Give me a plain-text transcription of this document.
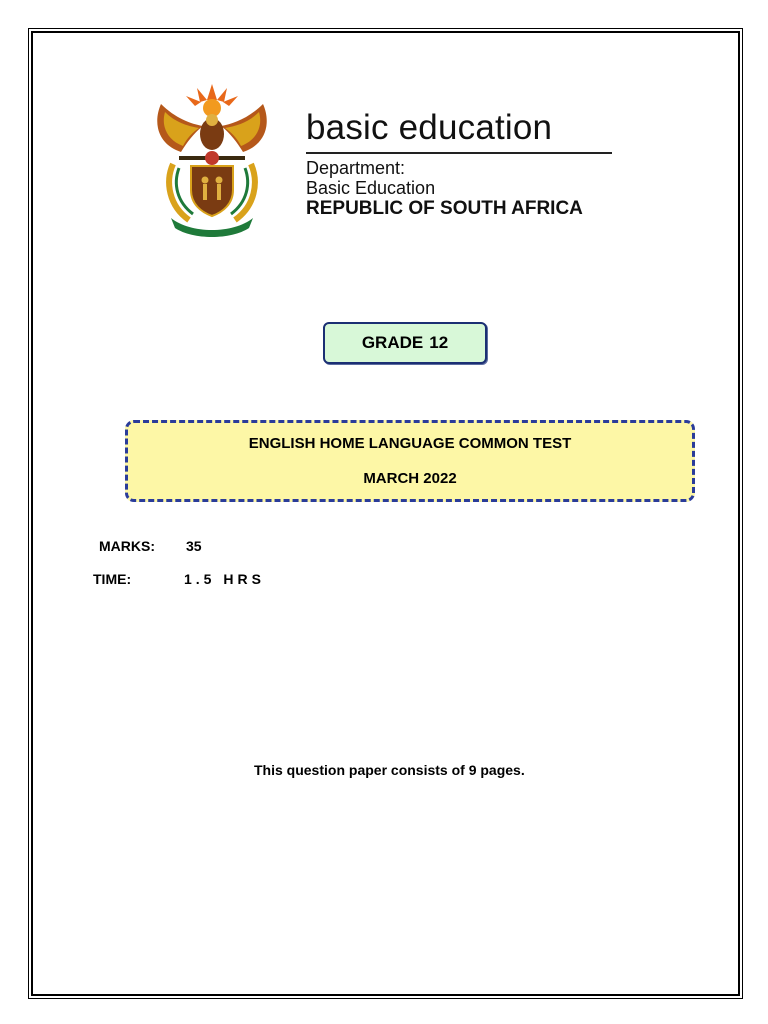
basic education
Department:
Basic Education
REPUBLIC OF SOUTH AFRICA
GRADE 12
ENGLISH HOME LANGUAGE COMMON TEST
MARCH 2022
MARKS: 35
TIME:	1.5 HRS
This question paper consists of 9 pages.
